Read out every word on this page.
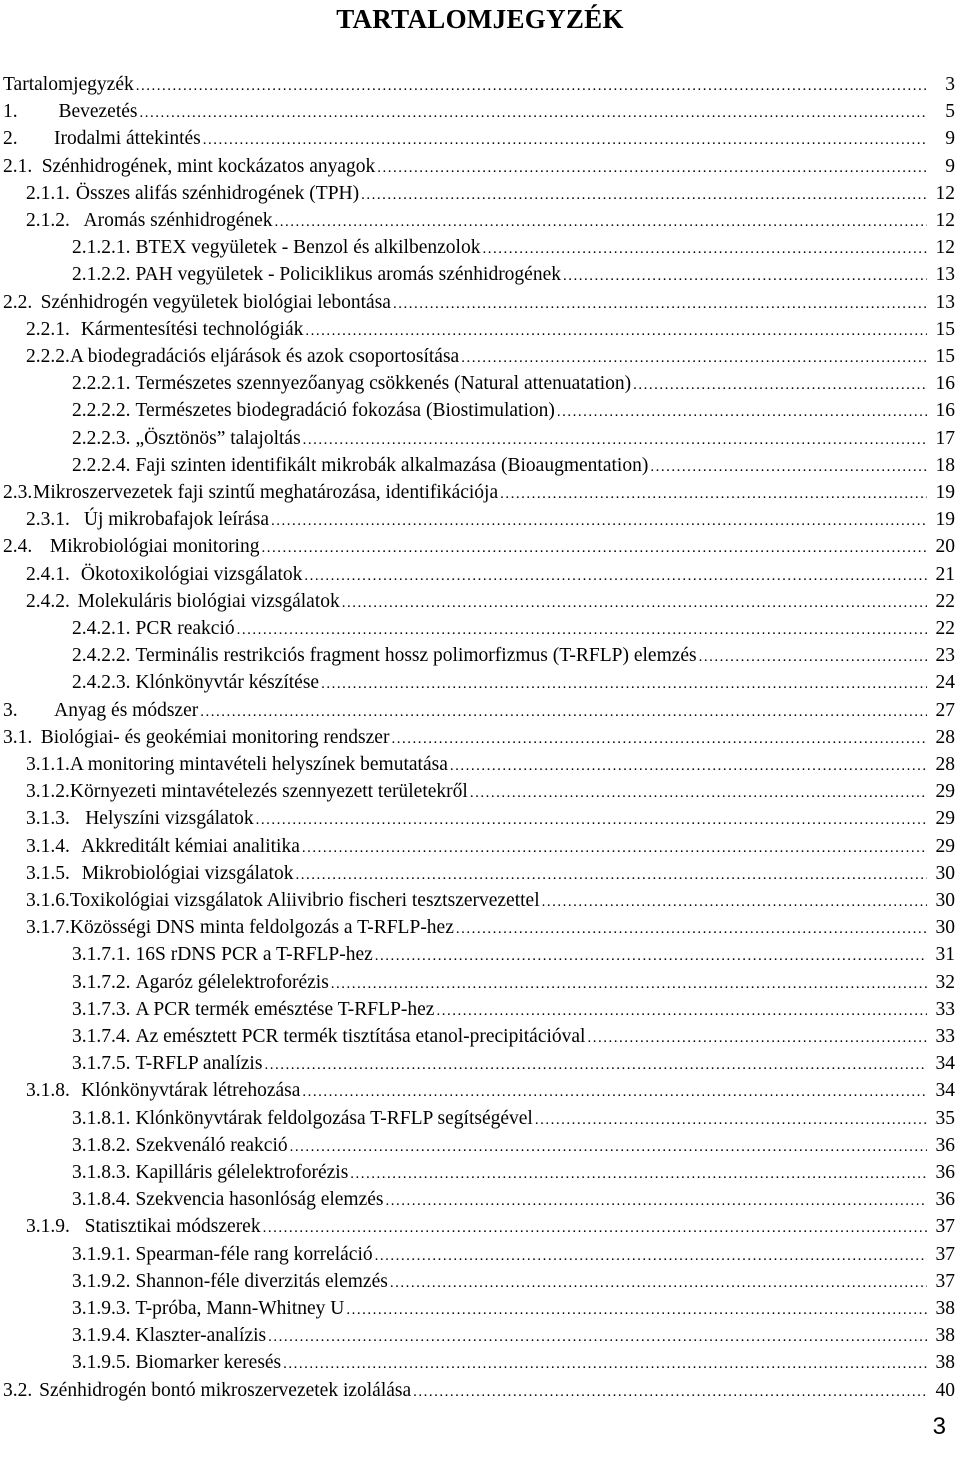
TARTALOMJEGYZÉK
Tartalomjegyzék .....	3
1.	Bevezetés .....	5
2.	Irodalmi áttekintés .....	9
2.1. Szénhidrogének, mint kockázatos anyagok .....	9
2.1.1. Összes alifás szénhidrogének (TPH) .....	12
2.1.2. Aromás szénhidrogének .....	12
2.1.2.1. BTEX vegyületek - Benzol és alkilbenzolok .....	12
2.1.2.2. PAH vegyületek - Policiklikus aromás szénhidrogének .....	13
2.2. Szénhidrogén vegyületek biológiai lebontása .....	13
2.2.1. Kármentesítési technológiák .....	15
2.2.2. A biodegradációs eljárások és azok csoportosítása .....	15
2.2.2.1. Természetes szennyezőanyag csökkenés (Natural attenuatation) .....	16
2.2.2.2. Természetes biodegradáció fokozása (Biostimulation) .....	16
2.2.2.3. „Ösztönös” talajoltás .....	17
2.2.2.4. Faji szinten identifikált mikrobák alkalmazása (Bioaugmentation) .....	18
2.3. Mikroszervezetek faji szintű meghatározása, identifikációja .....	19
2.3.1. Új mikrobafajok leírása .....	19
2.4. Mikrobiológiai monitoring .....	20
2.4.1. Ökotoxikológiai vizsgálatok .....	21
2.4.2. Molekuláris biológiai vizsgálatok .....	22
2.4.2.1. PCR reakció .....	22
2.4.2.2. Terminális restrikciós fragment hossz polimorfizmus (T-RFLP) elemzés .....	23
2.4.2.3. Klónkönyvtár készítése .....	24
3.	Anyag és módszer .....	27
3.1. Biológiai- és geokémiai monitoring rendszer .....	28
3.1.1. A monitoring mintavételi helyszínek bemutatása .....	28
3.1.2. Környezeti mintavételezés szennyezett területekről .....	29
3.1.3. Helyszíni vizsgálatok .....	29
3.1.4. Akkreditált kémiai analitika .....	29
3.1.5. Mikrobiológiai vizsgálatok .....	30
3.1.6. Toxikológiai vizsgálatok Aliivibrio fischeri tesztszervezettel .....	30
3.1.7. Közösségi DNS minta feldolgozás a T-RFLP-hez .....	30
3.1.7.1. 16S rDNS PCR a T-RFLP-hez .....	31
3.1.7.2. Agaróz gélelektroforézis .....	32
3.1.7.3. A PCR termék emésztése T-RFLP-hez .....	33
3.1.7.4. Az emésztett PCR termék tisztítása etanol-precipitációval .....	33
3.1.7.5. T-RFLP analízis .....	34
3.1.8. Klónkönyvtárak létrehozása .....	34
3.1.8.1. Klónkönyvtárak feldolgozása T-RFLP segítségével .....	35
3.1.8.2. Szekvenáló reakció .....	36
3.1.8.3. Kapilláris gélelektroforézis .....	36
3.1.8.4. Szekvencia hasonlóság elemzés .....	36
3.1.9. Statisztikai módszerek .....	37
3.1.9.1. Spearman-féle rang korreláció .....	37
3.1.9.2. Shannon-féle diverzitás elemzés .....	37
3.1.9.3. T-próba, Mann-Whitney U .....	38
3.1.9.4. Klaszter-analízis .....	38
3.1.9.5. Biomarker keresés .....	38
3.2. Szénhidrogén bontó mikroszervezetek izolálása .....	40
3
